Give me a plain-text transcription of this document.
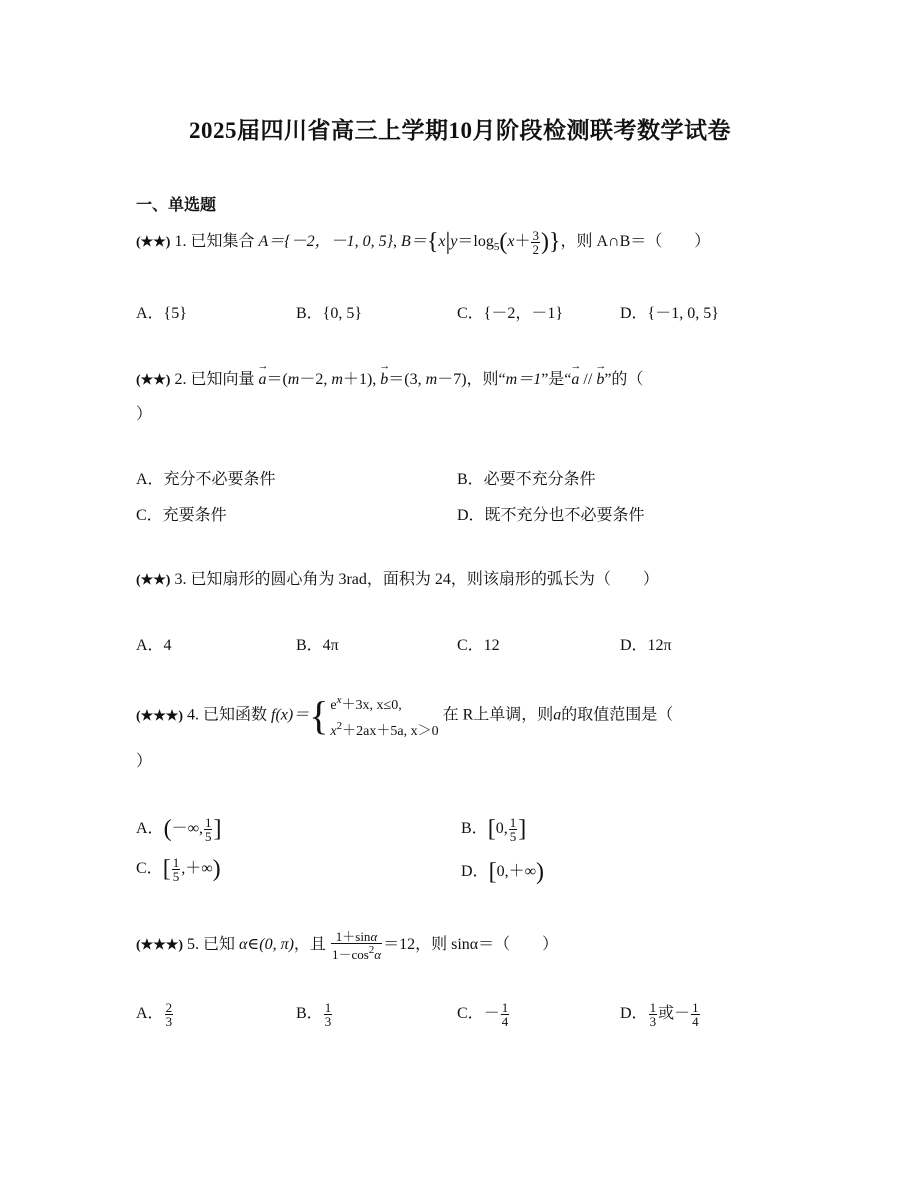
2025届四川省高三上学期10月阶段检测联考数学试卷
一、单选题
(★★) 1. 已知集合 A＝{－2，－1, 0, 5}, $B=\{x|y=\log_5(x+ \frac{3}{2}$ )}，则 A∩B＝（　　）
A．{5}	B．{0, 5}	C．{－2，－1}	D．{－1, 0, 5}
(★★) 2. 已知向量 → a＝(m－2, m＋1), → b＝(3, m－7)，则“m＝1”是“→ a // → b”的（
）
A．充分不必要条件	B．必要不充分条件
C．充要条件	D．既不充分也不必要条件
(★★) 3. 已知扇形的圆心角为 3rad，面积为 24，则该扇形的弧长为（　　）
A．4	B．4π	C．12	D．12π
(★★★) 4. 已知函数 f(x)＝{ $e^x+3x$, x≤0,
$x^2+2ax+5a$, x＞0 在 R上单调，则a的取值范围是（
）
A．(－∞, $\frac{1}{5}$ ]	B．[0, $\frac{1}{5}$ ]
C．[ $\frac{1}{5}$ ,＋∞)	D．[0,＋∞)
(★★★) 5. 已知 α∈(0, π)，且 $\frac{1+\sin\alpha}{1-\cos^2\alpha} =12$，则 sinα＝（　　）
A． $\frac{2}{3}$	B． $\frac{1}{3}$	C．－ $\frac{1}{4}$	D． $\frac{1}{3}$ 或－ $\frac{1}{4}$
